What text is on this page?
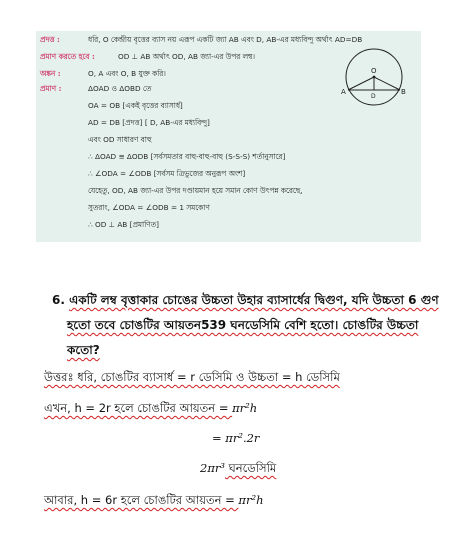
প্রদত্ত :	ধরি, O কেন্দ্রীয় বৃত্তের ব্যাস নয় এরূপ একটি জ্যা AB এবং D, AB-এর মধ্যবিন্দু অর্থাৎ AD=DB
প্রমাণ করতে হবে :	OD ⊥ AB অর্থাৎ OD, AB জ্যা-এর উপর লম্ব।
অঙ্কন :	O, A এবং O, B যুক্ত করি।
প্রমাণ :	ΔOAD ও ΔOBD তে
OA = OB [একই বৃত্তের ব্যাসার্ধ]
AD = DB [প্রদত্ত] [ D, AB-এর মধ্যবিন্দু]
এবং OD সাধারণ বাহু
∴ ΔOAD ≅ ΔODB [সর্বসমতার বাহু-বাহু-বাহু (S-S-S) শর্তানুসারে]
∴ ∠ODA = ∠ODB [সর্বসম ত্রিভুজের অনুরূপ অংশ]
যেহেতু, OD, AB জ্যা-এর উপর দণ্ডায়মান হয়ে সমান কোণ উৎপন্ন করেছে,
সুতরাং, ∠ODA = ∠ODB = 1 সমকোণ
∴ OD ⊥ AB [প্রমাণিত]
O
A	B
D
6. একটি লম্ব বৃত্তাকার চোঙের উচ্চতা উহার ব্যাসার্ধের দ্বিগুণ, যদি উচ্চতা 6 গুণ
হতো তবে চোঙটির আয়তন539 ঘনডেসিমি বেশি হতো। চোঙটির উচ্চতা
কতো?
উত্তরঃ ধরি, চোঙটির ব্যাসার্ধ = r ডেসিমি ও উচ্চতা = h ডেসিমি
এখন, h = 2r হলে চোঙটির আয়তন = πr²h
= πr².2r
2πr³ ঘনডেসিমি
আবার, h = 6r হলে চোঙটির আয়তন = πr²h
